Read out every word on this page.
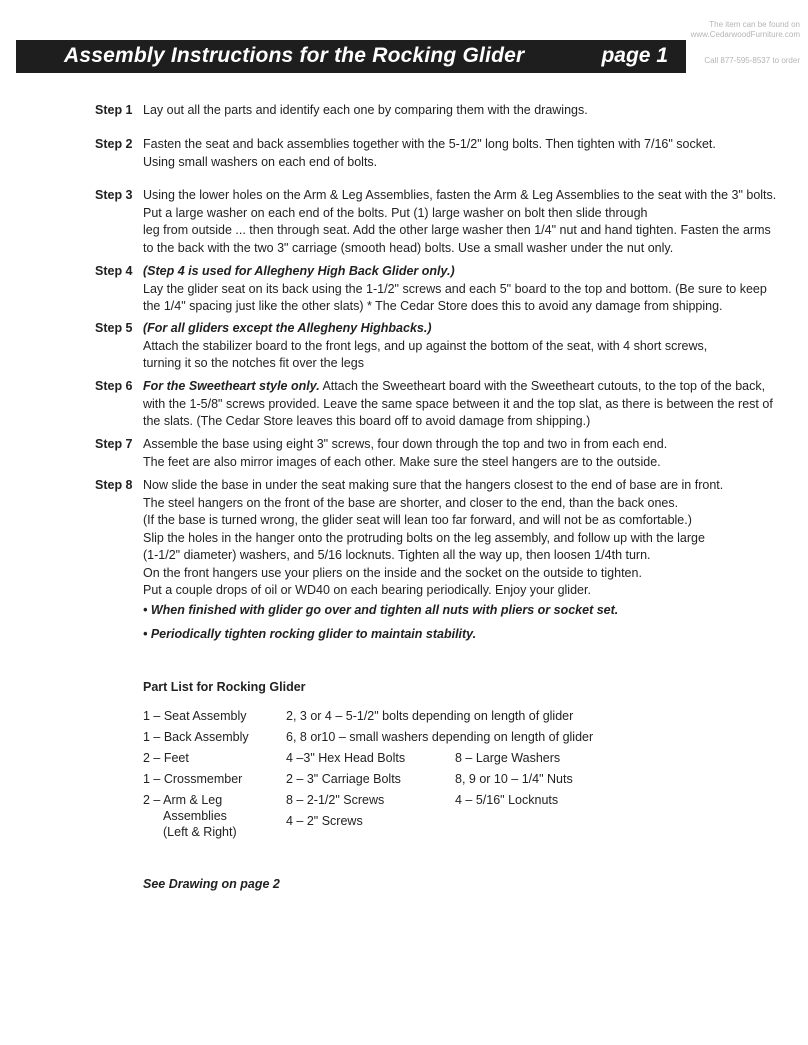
Assembly Instructions for the Rocking Glider	page 1
The item can be found on
www.CedarwoodFurniture.com
Call 877-595-8537 to order
Step 1 Lay out all the parts and identify each one by comparing them with the drawings.
Step 2 Fasten the seat and back assemblies together with the 5-1/2" long bolts. Then tighten with 7/16" socket.
Using small washers on each end of bolts.
Step 3 Using the lower holes on the Arm & Leg Assemblies, fasten the Arm & Leg Assemblies to the seat with the 3" bolts.
Put a large washer on each end of the bolts. Put (1) large washer on bolt then slide through
leg from outside ... then through seat. Add the other large washer then 1/4" nut and hand tighten. Fasten the arms
to the back with the two 3" carriage (smooth head) bolts. Use a small washer under the nut only.
Step 4 (Step 4 is used for Allegheny High Back Glider only.)
Lay the glider seat on its back using the 1-1/2" screws and each 5" board to the top and bottom. (Be sure to keep
the 1/4" spacing just like the other slats) * The Cedar Store does this to avoid any damage from shipping.
Step 5 (For all gliders except the Allegheny Highbacks.)
Attach the stabilizer board to the front legs, and up against the bottom of the seat, with 4 short screws,
turning it so the notches fit over the legs
Step 6 For the Sweetheart style only. Attach the Sweetheart board with the Sweetheart cutouts, to the top of the back,
with the 1-5/8" screws provided. Leave the same space between it and the top slat, as there is between the rest of
the slats. (The Cedar Store leaves this board off to avoid damage from shipping.)
Step 7 Assemble the base using eight 3" screws, four down through the top and two in from each end.
The feet are also mirror images of each other. Make sure the steel hangers are to the outside.
Step 8 Now slide the base in under the seat making sure that the hangers closest to the end of base are in front.
The steel hangers on the front of the base are shorter, and closer to the end, than the back ones.
(If the base is turned wrong, the glider seat will lean too far forward, and will not be as comfortable.)
Slip the holes in the hanger onto the protruding bolts on the leg assembly, and follow up with the large
(1-1/2" diameter) washers, and 5/16 locknuts. Tighten all the way up, then loosen 1/4th turn.
On the front hangers use your pliers on the inside and the socket on the outside to tighten.
Put a couple drops of oil or WD40 on each bearing periodically. Enjoy your glider.
• When finished with glider go over and tighten all nuts with pliers or socket set.
• Periodically tighten rocking glider to maintain stability.
Part List for Rocking Glider
1 – Seat Assembly
1 – Back Assembly
2 – Feet
1 – Crossmember
2 – Arm & Leg
Assemblies
(Left & Right)
2, 3 or 4 – 5-1/2" bolts depending on length of glider
6, 8 or10 – small washers depending on length of glider
4 –3" Hex Head Bolts
2 – 3" Carriage Bolts
8 – 2-1/2" Screws
4 – 2" Screws
8 – Large Washers
8, 9 or 10 – 1/4" Nuts
4 – 5/16" Locknuts
See Drawing on page 2
